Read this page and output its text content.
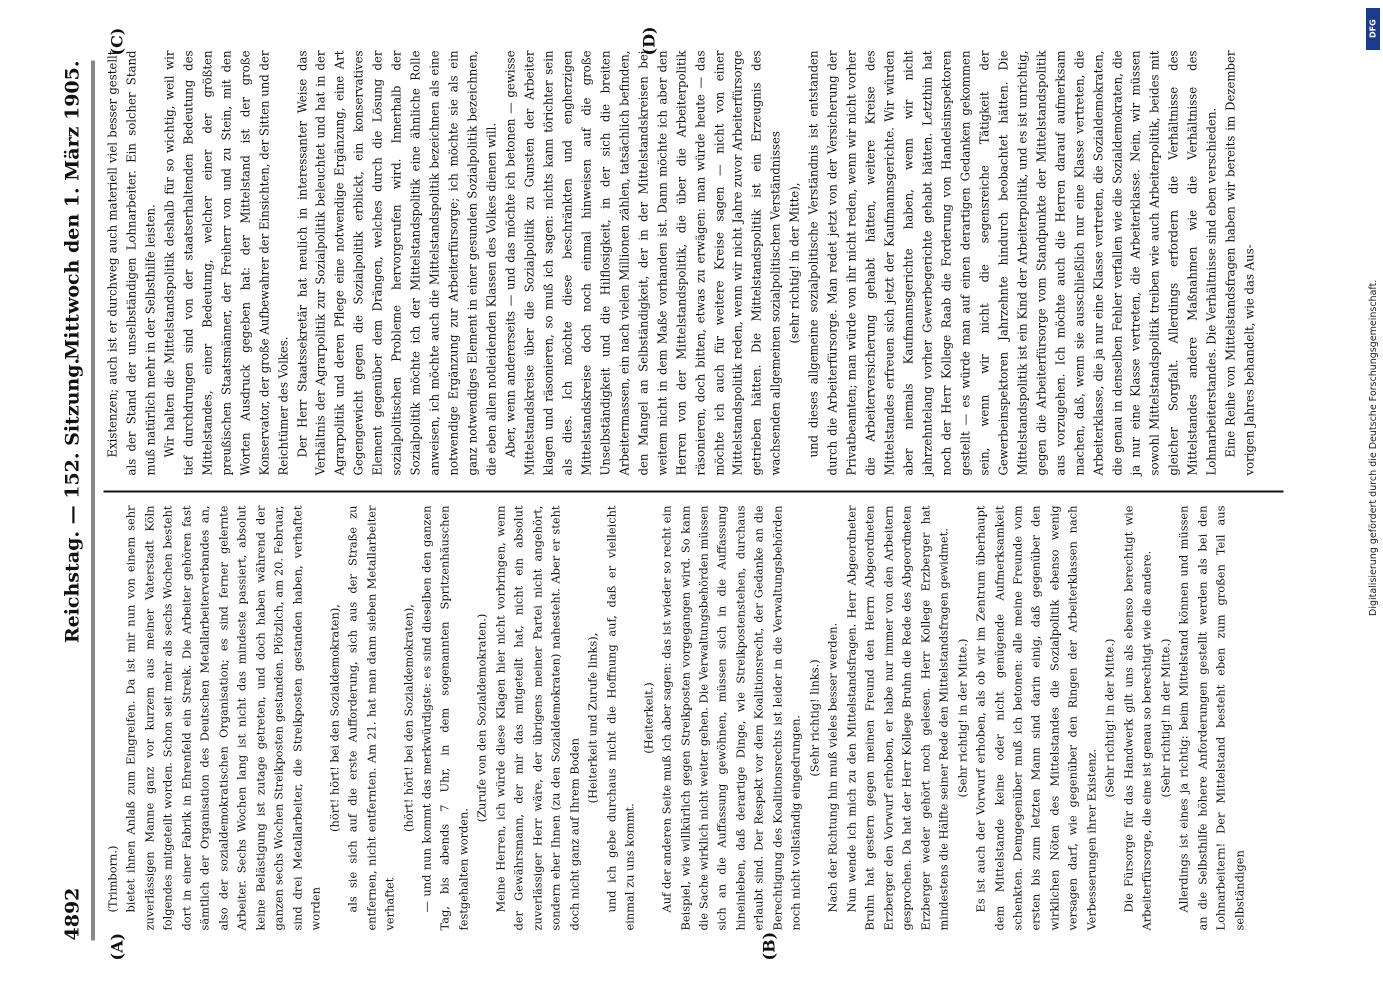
4892
Reichstag. — 152. Sitzung.
Mittwoch den 1. März 1905.
(A)	(B)
(C)	(D)

(Trimborn.) bietet ihnen Anlaß zum Eingreifen. Da ist mir nun von einem sehr zuverlässigen Manne ganz vor kurzem aus meiner Vaterstadt Köln folgendes mitgeteilt worden. Schon seit mehr als sechs Wochen besteht dort in einer Fabrik in Ehrenfeld ein Streik. Die Arbeiter gehören fast sämtlich der Organisation des Deutschen Metallarbeiterverbandes an, also der sozialdemokratischen Organisation; es sind ferner gelernte Arbeiter. Sechs Wochen lang ist nicht das mindeste passiert, absolut keine Belästigung ist zutage getreten, und doch haben während der ganzen sechs Wochen Streikposten gestanden. Plötzlich, am 20. Februar, sind drei Metallarbeiter, die Streikposten gestanden haben, verhaftet worden

(hört! hört! bei den Sozialdemokraten), als sie sich auf die erste Aufforderung, sich aus der Straße zu entfernen, nicht entfernten. Am 21. hat man dann sieben Metallarbeiter verhaftet

(hört! hört! bei den Sozialdemokraten), — und nun kommt das merkwürdigste: es sind dieselben den ganzen Tag, bis abends 7 Uhr, in dem sogenannten Spritzenhäuschen festgehalten worden.

(Zurufe von den Sozialdemokraten.) Meine Herren, ich würde diese Klagen hier nicht vorbringen, wenn der Gewährsmann, der mir das mitgeteilt hat, nicht ein absolut zuverlässiger Herr wäre, der übrigens meiner Partei nicht angehört, sondern eher Ihnen (zu den Sozialdemokraten) nahesteht. Aber er steht doch nicht ganz auf Ihrem Boden

(Heiterkeit und Zurufe links), und ich gebe durchaus nicht die Hoffnung auf, daß er vielleicht einmal zu uns kommt.

(Heiterkeit.) Auf der anderen Seite muß ich aber sagen: das ist wieder so recht ein Beispiel, wie willkürlich gegen Streikposten vorgegangen wird. So kann die Sache wirklich nicht weiter gehen. Die Verwaltungsbehörden müssen sich an die Auffassung gewöhnen, müssen sich in die Auffassung hineinleben, daß derartige Dinge, wie Streikpostenstehen, durchaus erlaubt sind. Der Respekt vor dem Koalitionsrecht, der Gedanke an die Berechtigung des Koalitionsrechts ist leider in die Verwaltungsbehörden noch nicht vollständig eingedrungen. (Sehr richtig! links.) Nach der Richtung hin muß vieles besser werden. Nun wende ich mich zu den Mittelstandsfragen. Herr Abgeordneter Bruhn hat gestern gegen meinen Freund den Herrn Abgeordneten Erzberger den Vorwurf erhoben, er habe nur immer von den Arbeitern gesprochen. Da hat der Herr Kollege Bruhn die Rede des Abgeordneten Erzberger weder gehört noch gelesen. Herr Kollege Erzberger hat mindestens die Hälfte seiner Rede den Mittelstandsfragen gewidmet. (Sehr richtig! in der Mitte.) Es ist auch der Vorwurf erhoben, als ob wir im Zentrum überhaupt dem Mittelstande keine oder nicht genügende Aufmerksamkeit schenkten. Demgegenüber muß ich betonen: alle meine Freunde vom ersten bis zum letzten Mann sind darin einig, daß gegenüber den wirklichen Nöten des Mittelstandes die Sozialpolitik ebenso wenig versagen darf, wie gegenüber den Ringen der Arbeiterklassen nach Verbesserungen ihrer Existenz.

(Sehr richtig! in der Mitte.) Die Fürsorge für das Handwerk gilt uns als ebenso berechtigt wie Arbeiterfürsorge, die eine ist genau so berechtigt wie die andere. (Sehr richtig! in der Mitte.) Allerdings ist eines ja richtig: beim Mittelstand können und müssen an die Selbsthilfe höhere Anforderungen gestellt werden als bei den Lohnarbeitern! Der Mittelstand besteht eben zum großen Teil aus selbständigen

Existenzen; auch ist er durchweg auch materiell viel besser gestellt als der Stand der unselbständigen Lohnarbeiter. Ein solcher Stand muß natürlich mehr in der Selbsthilfe leisten. Wir halten die Mittelstandspolitik deshalb für so wichtig, weil wir tief durchdrungen sind von der staatserhaltenden Bedeutung des Mittelstandes, einer Bedeutung, welcher einer der größten preußischen Staatsmänner, der Freiherr von und zu Stein, mit den Worten Ausdruck gegeben hat: der Mittelstand ist der große Konservator, der große Aufbewahrer der Einsichten, der Sitten und der Reichtümer des Volkes. Der Herr Staatssekretär hat neulich in interessanter Weise das Verhältnis der Agrarpolitik zur Sozialpolitik beleuchtet und hat in der Agrarpolitik und deren Pflege eine notwendige Ergänzung, eine Art Gegengewicht gegen die Sozialpolitik erblickt, ein konservatives Element gegenüber dem Drängen, welches durch die Lösung der sozialpolitischen Probleme hervorgerufen wird. Innerhalb der Sozialpolitik möchte ich der Mittelstandspolitik eine ähnliche Rolle anweisen, ich möchte auch die Mittelstandspolitik bezeichnen als eine notwendige Ergänzung zur Arbeiterfürsorge; ich möchte sie als ein ganz notwendiges Element in einer gesunden Sozialpolitik bezeichnen, die eben allen notleidenden Klassen des Volkes dienen will. Aber, wenn andererseits — und das möchte ich betonen — gewisse Mittelstandskreise über die Sozialpolitik zu Gunsten der Arbeiter klagen und räsonieren, so muß ich sagen: nichts kann törichter sein als dies. Ich möchte diese beschränkten und engherzigen Mittelstandskreise doch noch einmal hinweisen auf die große Unselbständigkeit und die Hilflosigkeit, in der sich die breiten Arbeitermassen, ein nach vielen Millionen zählen, tatsächlich befinden, den Mangel an Selbständigkeit, der in der Mittelstandskreisen bei weitem nicht in dem Maße vorhanden ist. Dann möchte ich aber den Herren von der Mittelstandspolitik, die über die Arbeiterpolitik räsonieren, doch bitten, etwas zu erwägen: man würde heute — das möchte ich auch für weitere Kreise sagen — nicht von einer Mittelstandspolitik reden, wenn wir nicht Jahre zuvor Arbeiterfürsorge getrieben hätten. Die Mittelstandspolitik ist ein Erzeugnis des wachsenden allgemeinen sozialpolitischen Verständnisses (sehr richtig! in der Mitte), und dieses allgemeine sozialpolitische Verständnis ist entstanden durch die Arbeiterfürsorge. Man redet jetzt von der Versicherung der Privatbeamten; man würde von ihr nicht reden, wenn wir nicht vorher die Arbeiterversicherung gehabt hätten, weitere Kreise des Mittelstandes erfreuen sich jetzt der Kaufmannsgerichte. Wir würden aber niemals Kaufmannsgerichte haben, wenn wir nicht jahrzehntelang vorher Gewerbegerichte gehabt hätten. Letzthin hat noch der Herr Kollege Raab die Forderung von Handelsinspektoren gestellt — es würde man auf einen derartigen Gedanken gekommen sein, wenn wir nicht die segensreiche Tätigkeit der Gewerbeinspektoren Jahrzehnte hindurch beobachtet hätten. Die Mittelstandspolitik ist ein Kind der Arbeiterpolitik, und es ist unrichtig, gegen die Arbeiterfürsorge vom Standpunkte der Mittelstandspolitik aus vorzugehen. Ich möchte auch die Herren darauf aufmerksam machen, daß, wenn sie ausschließlich nur eine Klasse vertreten, die Arbeiterklasse, die ja nur eine Klasse vertreten, die Sozialdemokraten, die genau in denselben Fehler verfallen wie die Sozialdemokraten, die ja nur eine Klasse vertreten, die Arbeiterklasse. Nein, wir müssen sowohl Mittelstandspolitik treiben wie auch Arbeiterpolitik, beides mit gleicher Sorgfalt. Allerdings erfordern die Verhältnisse des Mittelstandes andere Maßnahmen wie die Verhältnisse des Lohnarbeiterstandes. Die Verhältnisse sind eben verschieden. Eine Reihe von Mittelstandsfragen haben wir bereits im Dezember vorigen Jahres behandelt, wie das Aus-

DFG
Digitalisierung gefördert durch die Deutsche Forschungsgemeinschaft.
